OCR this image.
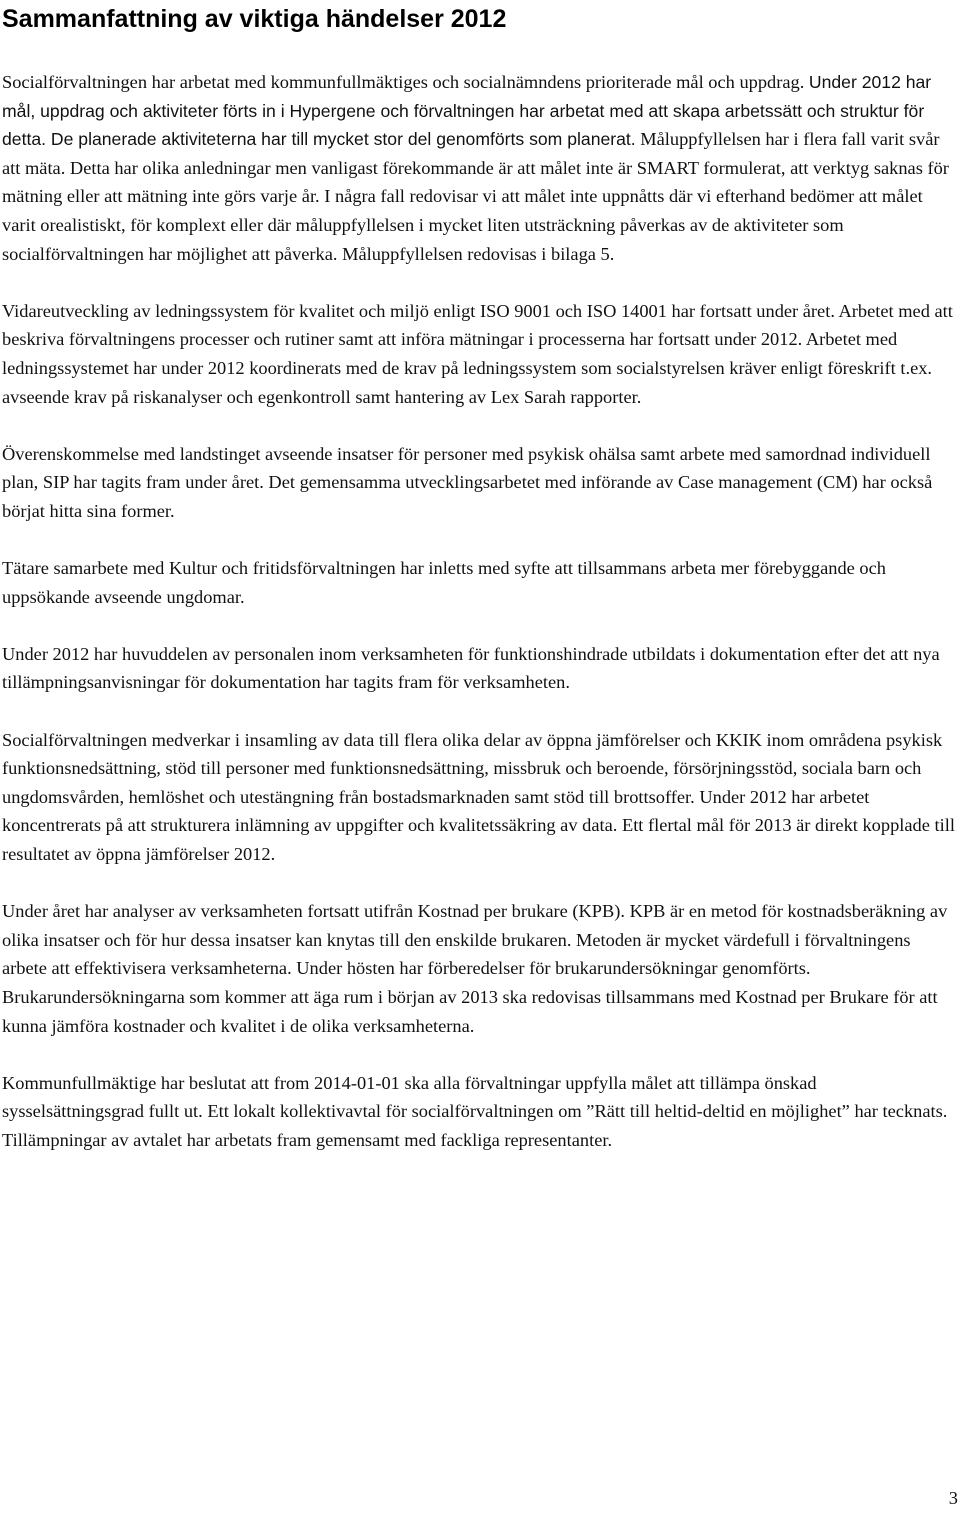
Sammanfattning av viktiga händelser 2012

Socialförvaltningen har arbetat med kommunfullmäktiges och socialnämndens prioriterade mål och uppdrag. Under 2012 har mål, uppdrag och aktiviteter förts in i Hypergene och förvaltningen har arbetat med att skapa arbetssätt och struktur för detta. De planerade aktiviteterna har till mycket stor del genomförts som planerat. Måluppfyllelsen har i flera fall varit svår att mäta. Detta har olika anledningar men vanligast förekommande är att målet inte är SMART formulerat, att verktyg saknas för mätning eller att mätning inte görs varje år. I några fall redovisar vi att målet inte uppnåtts där vi efterhand bedömer att målet varit orealistiskt, för komplext eller där måluppfyllelsen i mycket liten utsträckning påverkas av de aktiviteter som socialförvaltningen har möjlighet att påverka. Måluppfyllelsen redovisas i bilaga 5.

Vidareutveckling av ledningssystem för kvalitet och miljö enligt ISO 9001 och ISO 14001 har fortsatt under året. Arbetet med att beskriva förvaltningens processer och rutiner samt att införa mätningar i processerna har fortsatt under 2012. Arbetet med ledningssystemet har under 2012 koordinerats med de krav på ledningssystem som socialstyrelsen kräver enligt föreskrift t.ex. avseende krav på riskanalyser och egenkontroll samt hantering av Lex Sarah rapporter.

Överenskommelse med landstinget avseende insatser för personer med psykisk ohälsa samt arbete med samordnad individuell plan, SIP har tagits fram under året. Det gemensamma utvecklingsarbetet med införande av Case management (CM) har också börjat hitta sina former.

Tätare samarbete med Kultur och fritidsförvaltningen har inletts med syfte att tillsammans arbeta mer förebyggande och uppsökande avseende ungdomar.

Under 2012 har huvuddelen av personalen inom verksamheten för funktionshindrade utbildats i dokumentation efter det att nya tillämpningsanvisningar för dokumentation har tagits fram för verksamheten.

Socialförvaltningen medverkar i insamling av data till flera olika delar av öppna jämförelser och KKIK inom områdena psykisk funktionsnedsättning, stöd till personer med funktionsnedsättning, missbruk och beroende, försörjningsstöd, sociala barn och ungdomsvården, hemlöshet och utestängning från bostadsmarknaden samt stöd till brottsoffer. Under 2012 har arbetet koncentrerats på att strukturera inlämning av uppgifter och kvalitetssäkring av data. Ett flertal mål för 2013 är direkt kopplade till resultatet av öppna jämförelser 2012.

Under året har analyser av verksamheten fortsatt utifrån Kostnad per brukare (KPB). KPB är en metod för kostnadsberäkning av olika insatser och för hur dessa insatser kan knytas till den enskilde brukaren. Metoden är mycket värdefull i förvaltningens arbete att effektivisera verksamheterna. Under hösten har förberedelser för brukarundersökningar genomförts. Brukarundersökningarna som kommer att äga rum i början av 2013 ska redovisas tillsammans med Kostnad per Brukare för att kunna jämföra kostnader och kvalitet i de olika verksamheterna.

Kommunfullmäktige har beslutat att from 2014-01-01 ska alla förvaltningar uppfylla målet att tillämpa önskad sysselsättningsgrad fullt ut. Ett lokalt kollektivavtal för socialförvaltningen om ”Rätt till heltid-deltid en möjlighet” har tecknats. Tillämpningar av avtalet har arbetats fram gemensamt med fackliga representanter.

3
